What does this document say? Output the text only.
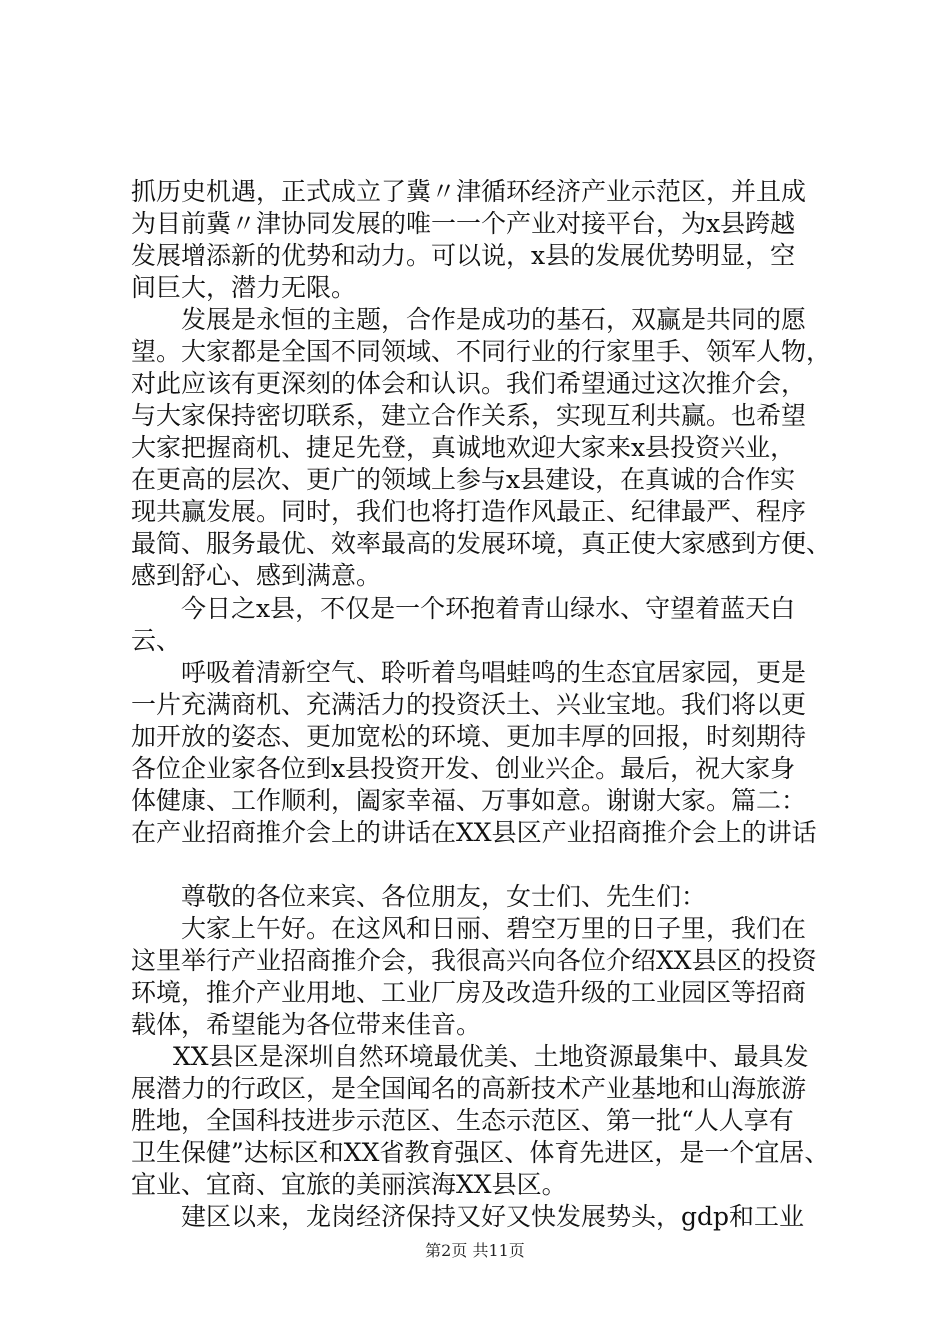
抓历史机遇，正式成立了冀〃津循环经济产业示范区，并且成
为目前冀〃津协同发展的唯一一个产业对接平台，为x县跨越
发展增添新的优势和动力。可以说，x县的发展优势明显，空
间巨大，潜力无限。
发展是永恒的主题，合作是成功的基石，双赢是共同的愿
望。大家都是全国不同领域、不同行业的行家里手、领军人物，
对此应该有更深刻的体会和认识。我们希望通过这次推介会，
与大家保持密切联系，建立合作关系，实现互利共赢。也希望
大家把握商机、捷足先登，真诚地欢迎大家来x县投资兴业，
在更高的层次、更广的领域上参与x县建设，在真诚的合作实
现共赢发展。同时，我们也将打造作风最正、纪律最严、程序
最简、服务最优、效率最高的发展环境，真正使大家感到方便、
感到舒心、感到满意。
今日之x县，不仅是一个环抱着青山绿水、守望着蓝天白
云、
呼吸着清新空气、聆听着鸟唱蛙鸣的生态宜居家园，更是
一片充满商机、充满活力的投资沃土、兴业宝地。我们将以更
加开放的姿态、更加宽松的环境、更加丰厚的回报，时刻期待
各位企业家各位到x县投资开发、创业兴企。最后，祝大家身
体健康、工作顺利，阖家幸福、万事如意。谢谢大家。篇二：
在产业招商推介会上的讲话在XX县区产业招商推介会上的讲话
尊敬的各位来宾、各位朋友，女士们、先生们：
大家上午好。在这风和日丽、碧空万里的日子里，我们在
这里举行产业招商推介会，我很高兴向各位介绍XX县区的投资
环境，推介产业用地、工业厂房及改造升级的工业园区等招商
载体，希望能为各位带来佳音。
XX县区是深圳自然环境最优美、土地资源最集中、最具发
展潜力的行政区，是全国闻名的高新技术产业基地和山海旅游
胜地，全国科技进步示范区、生态示范区、第一批“人人享有
卫生保健”达标区和XX省教育强区、体育先进区，是一个宜居、
宜业、宜商、宜旅的美丽滨海XX县区。
建区以来，龙岗经济保持又好又快发展势头，gdp和工业
第2页 共11页
